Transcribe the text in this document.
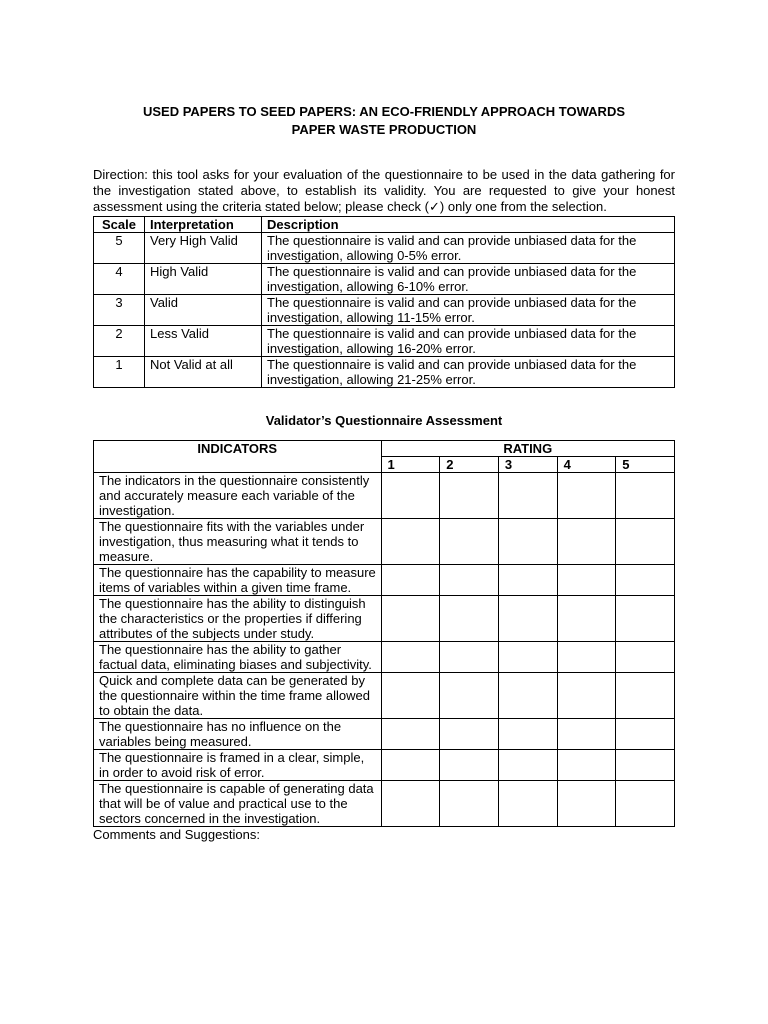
USED PAPERS TO SEED PAPERS: AN ECO-FRIENDLY APPROACH TOWARDS
PAPER WASTE PRODUCTION

Direction: this tool asks for your evaluation of the questionnaire to be used in the data gathering for the investigation stated above, to establish its validity. You are requested to give your honest assessment using the criteria stated below; please check (✓) only one from the selection.
Scale	Interpretation	Description
5	Very High Valid	The questionnaire is valid and can provide unbiased data for the investigation, allowing 0-5% error.
4	High Valid	The questionnaire is valid and can provide unbiased data for the investigation, allowing 6-10% error.
3	Valid	The questionnaire is valid and can provide unbiased data for the investigation, allowing 11-15% error.
2	Less Valid	The questionnaire is valid and can provide unbiased data for the investigation, allowing 16-20% error.
1	Not Valid at all	The questionnaire is valid and can provide unbiased data for the investigation, allowing 21-25% error.
Validator’s Questionnaire Assessment
INDICATORS	RATING				
	1	2	3	4	5
The indicators in the questionnaire consistently and accurately measure each variable of the investigation.					
The questionnaire fits with the variables under investigation, thus measuring what it tends to measure.					
The questionnaire has the capability to measure items of variables within a given time frame.					
The questionnaire has the ability to distinguish the characteristics or the properties if differing attributes of the subjects under study.					
The questionnaire has the ability to gather factual data, eliminating biases and subjectivity.					
Quick and complete data can be generated by the questionnaire within the time frame allowed to obtain the data.					
The questionnaire has no influence on the variables being measured.					
The questionnaire is framed in a clear, simple, in order to avoid risk of error.					
The questionnaire is capable of generating data that will be of value and practical use to the sectors concerned in the investigation.					
Comments and Suggestions:
